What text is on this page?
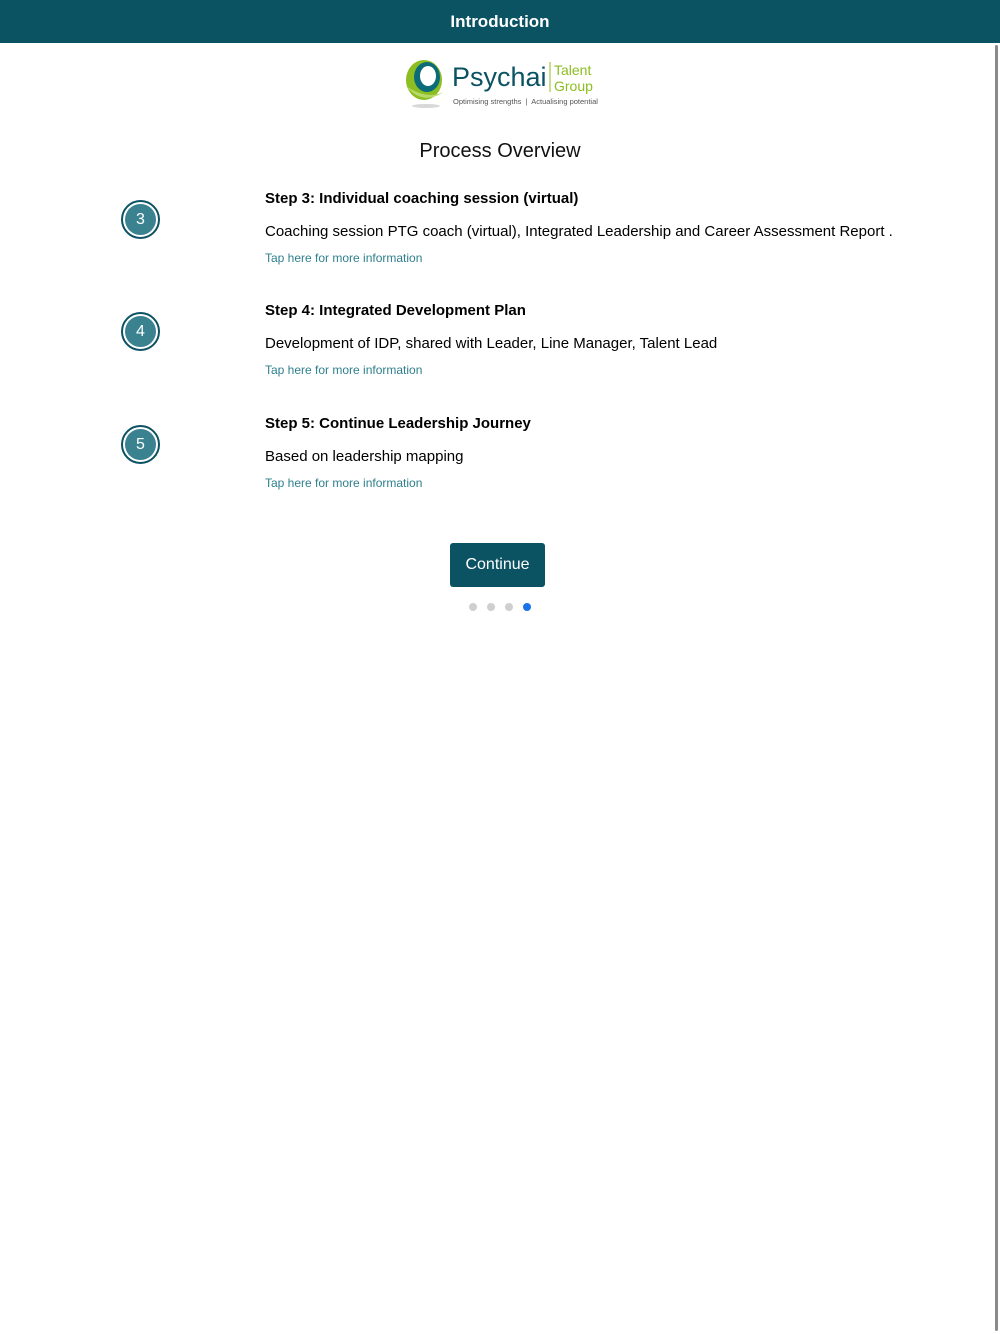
Introduction
Psychai Talent
Group
Optimising strengths  |  Actualising potential
Process Overview
3
Step 3: Individual coaching session (virtual)
Coaching session PTG coach (virtual), Integrated Leadership and Career Assessment Report .
Tap here for more information
4
Step 4: Integrated Development Plan
Development of IDP, shared with Leader, Line Manager, Talent Lead
Tap here for more information
5
Step 5: Continue Leadership Journey
Based on leadership mapping
Tap here for more information
Continue
